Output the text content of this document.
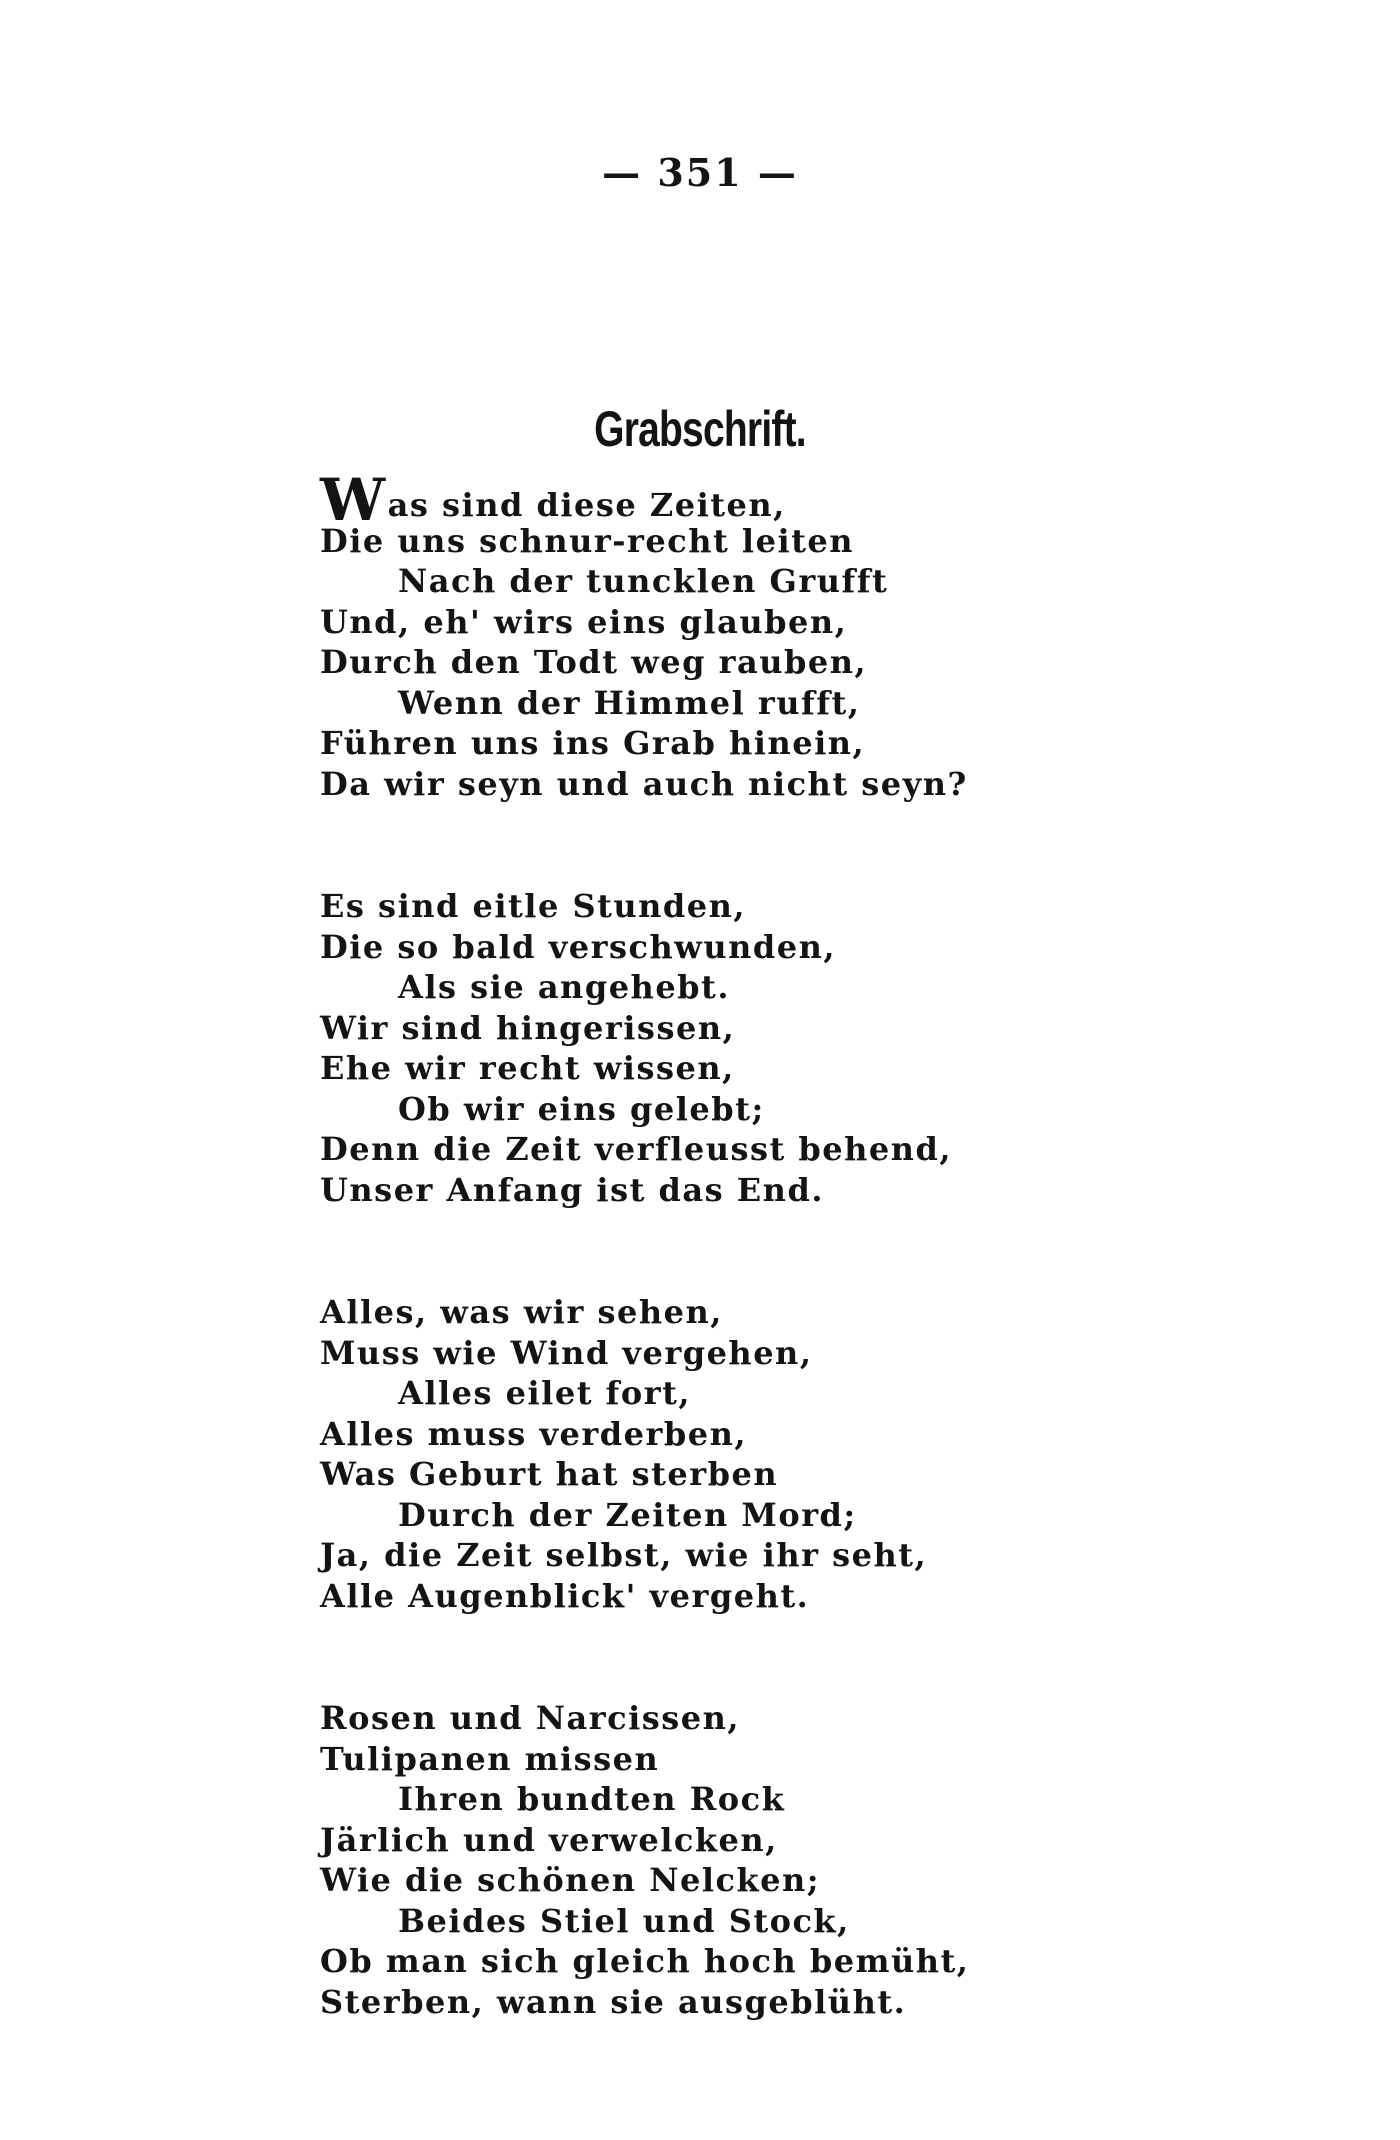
— 351 —
Grabschrift.
Was sind diese Zeiten,
Die uns schnur-recht leiten
Nach der tuncklen Grufft
Und, eh' wirs eins glauben,
Durch den Todt weg rauben,
Wenn der Himmel rufft,
Führen uns ins Grab hinein,
Da wir seyn und auch nicht seyn?
Es sind eitle Stunden,
Die so bald verschwunden,
Als sie angehebt.
Wir sind hingerissen,
Ehe wir recht wissen,
Ob wir eins gelebt;
Denn die Zeit verfleusst behend,
Unser Anfang ist das End.
Alles, was wir sehen,
Muss wie Wind vergehen,
Alles eilet fort,
Alles muss verderben,
Was Geburt hat sterben
Durch der Zeiten Mord;
Ja, die Zeit selbst, wie ihr seht,
Alle Augenblick' vergeht.
Rosen und Narcissen,
Tulipanen missen
Ihren bundten Rock
Järlich und verwelcken,
Wie die schönen Nelcken;
Beides Stiel und Stock,
Ob man sich gleich hoch bemüht,
Sterben, wann sie ausgeblüht.
